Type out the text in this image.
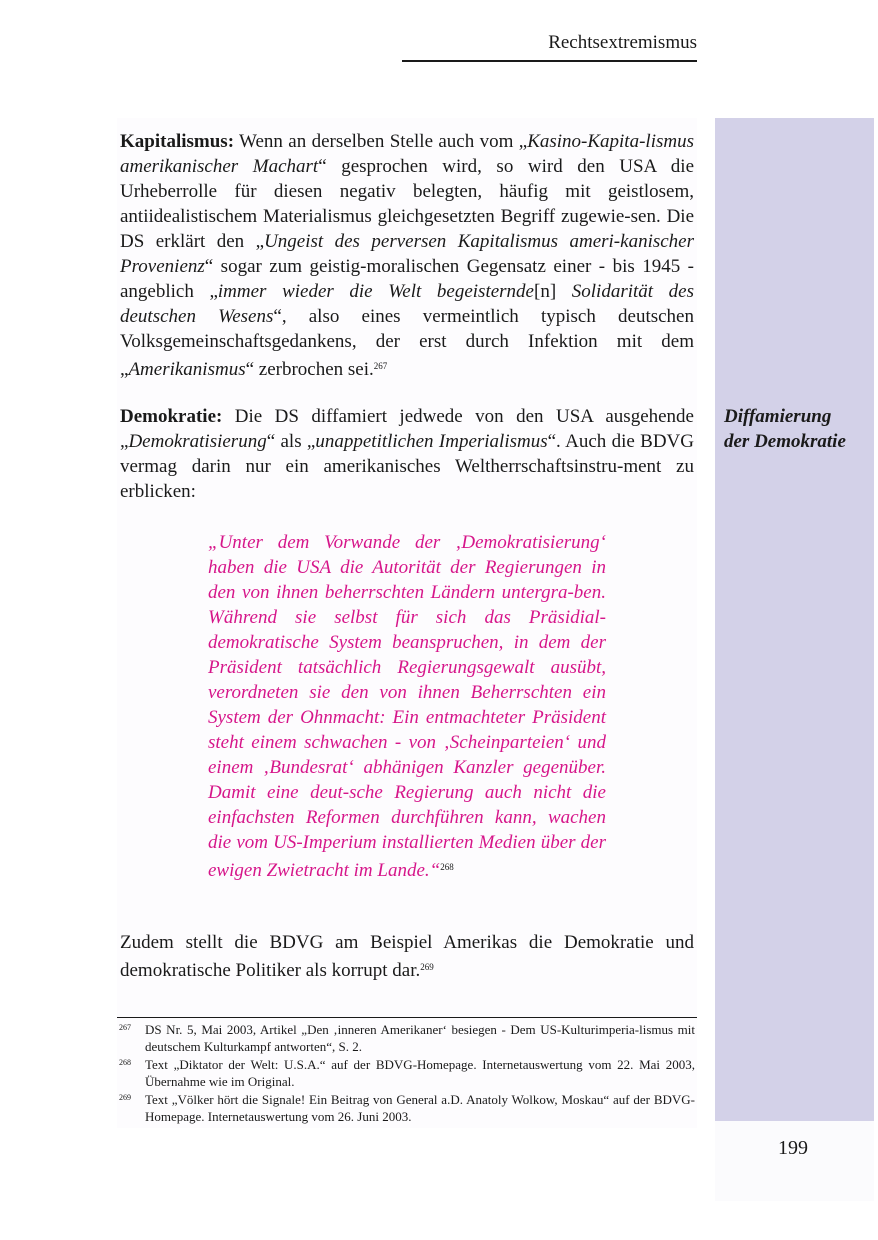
Rechtsextremismus
Diffamierung
der Demokratie
Kapitalismus: Wenn an derselben Stelle auch vom „Kasino-Kapita-lismus amerikanischer Machart“ gesprochen wird, so wird den USA die Urheberrolle für diesen negativ belegten, häufig mit geistlosem, antiidealistischem Materialismus gleichgesetzten Begriff zugewie-sen. Die DS erklärt den „Ungeist des perversen Kapitalismus ameri-kanischer Provenienz“ sogar zum geistig-moralischen Gegensatz einer - bis 1945 - angeblich „immer wieder die Welt begeisternde[n] Solidarität des deutschen Wesens“, also eines vermeintlich typisch deutschen Volksgemeinschaftsgedankens, der erst durch Infektion mit dem „Amerikanismus“ zerbrochen sei.$^{267}$
Demokratie: Die DS diffamiert jedwede von den USA ausgehende „Demokratisierung“ als „unappetitlichen Imperialismus“. Auch die BDVG vermag darin nur ein amerikanisches Weltherrschaftsinstru-ment zu erblicken:
„Unter dem Vorwande der ‚Demokratisierung‘ haben die USA die Autorität der Regierungen in den von ihnen beherrschten Ländern untergra-ben. Während sie selbst für sich das Präsidial-demokratische System beanspruchen, in dem der Präsident tatsächlich Regierungsgewalt ausübt, verordneten sie den von ihnen Beherrschten ein System der Ohnmacht: Ein entmachteter Präsident steht einem schwachen - von ‚Scheinparteien‘ und einem ‚Bundesrat‘ abhänigen Kanzler gegenüber. Damit eine deut-sche Regierung auch nicht die einfachsten Reformen durchführen kann, wachen die vom US-Imperium installierten Medien über der ewigen Zwietracht im Lande.“$^{268}$
Zudem stellt die BDVG am Beispiel Amerikas die Demokratie und demokratische Politiker als korrupt dar.$^{269}$
267	DS Nr. 5, Mai 2003, Artikel „Den ‚inneren Amerikaner‘ besiegen - Dem US-Kulturimperia-lismus mit deutschem Kulturkampf antworten“, S. 2.
268	Text „Diktator der Welt: U.S.A.“ auf der BDVG-Homepage. Internetauswertung vom 22. Mai 2003, Übernahme wie im Original.
269	Text „Völker hört die Signale! Ein Beitrag von General a.D. Anatoly Wolkow, Moskau“ auf der BDVG-Homepage. Internetauswertung vom 26. Juni 2003.
199
